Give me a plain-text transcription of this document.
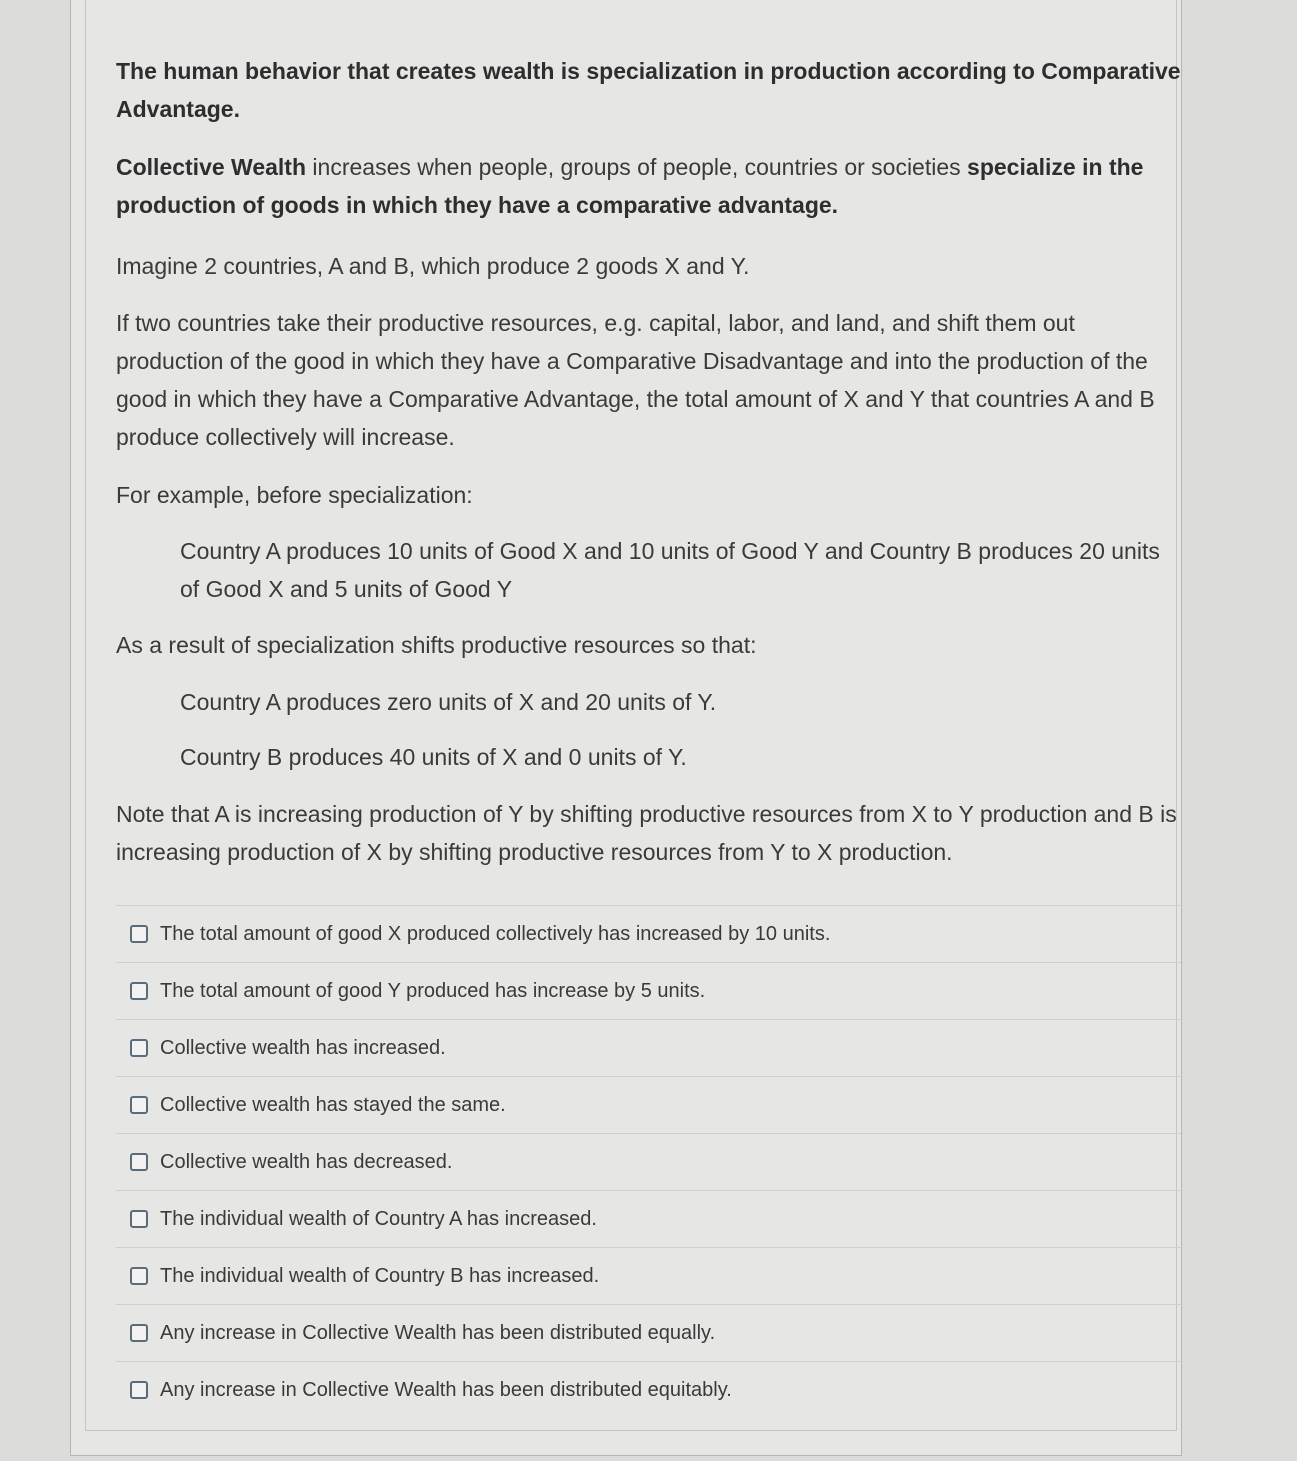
The human behavior that creates wealth is specialization in production according to Comparative Advantage.

Collective Wealth increases when people, groups of people, countries or societies specialize in the production of goods in which they have a comparative advantage.

Imagine 2 countries, A and B, which produce 2 goods X and Y.

If two countries take their productive resources, e.g. capital, labor, and land, and shift them out production of the good in which they have a Comparative Disadvantage and into the production of the good in which they have a Comparative Advantage, the total amount of X and Y that countries A and B produce collectively will increase.

For example, before specialization:

Country A produces 10 units of Good X and 10 units of Good Y and Country B produces 20 units of Good X and 5 units of Good Y

As a result of specialization shifts productive resources so that:

Country A produces zero units of X and 20 units of Y.

Country B produces 40 units of X and 0 units of Y.

Note that A is increasing production of Y by shifting productive resources from X to Y production and B is increasing production of X by shifting productive resources from Y to X production.

The total amount of good X produced collectively has increased by 10 units.
The total amount of good Y produced has increase by 5 units.
Collective wealth has increased.
Collective wealth has stayed the same.
Collective wealth has decreased.
The individual wealth of Country A has increased.
The individual wealth of Country B has increased.
Any increase in Collective Wealth has been distributed equally.
Any increase in Collective Wealth has been distributed equitably.
